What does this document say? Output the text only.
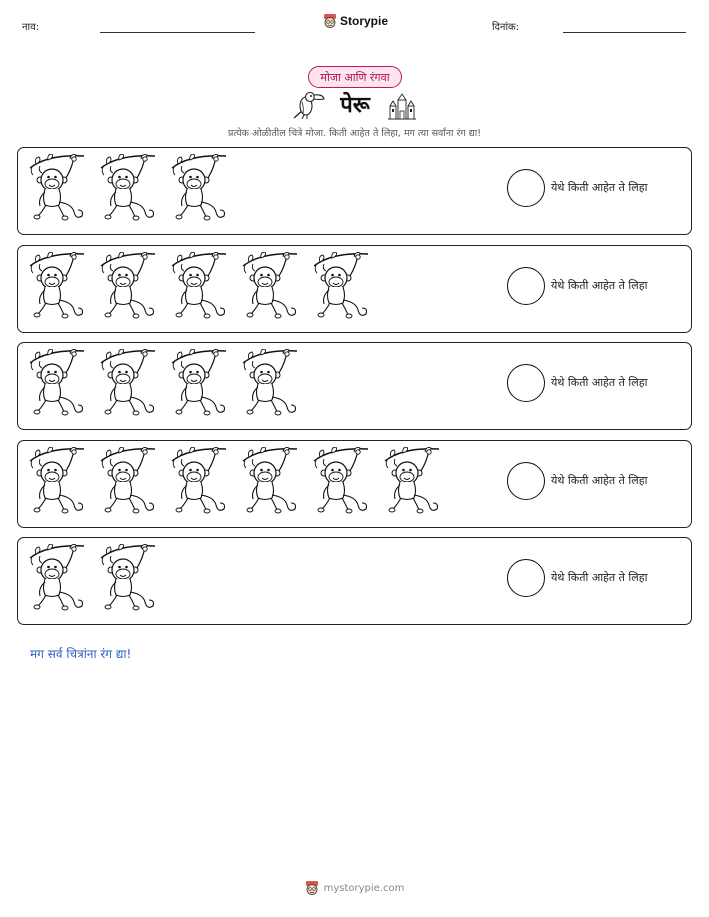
नाव:	Storypie	दिनांक:
मोजा आणि रंगवा
पेरू
प्रत्येक ओळीतील चित्रे मोजा. किती आहेत ते लिहा, मग त्या सर्वांना रंग द्या!
येथे किती आहेत ते लिहा
येथे किती आहेत ते लिहा
येथे किती आहेत ते लिहा
येथे किती आहेत ते लिहा
येथे किती आहेत ते लिहा
मग सर्व चित्रांना रंग द्या!
mystorypie.com
